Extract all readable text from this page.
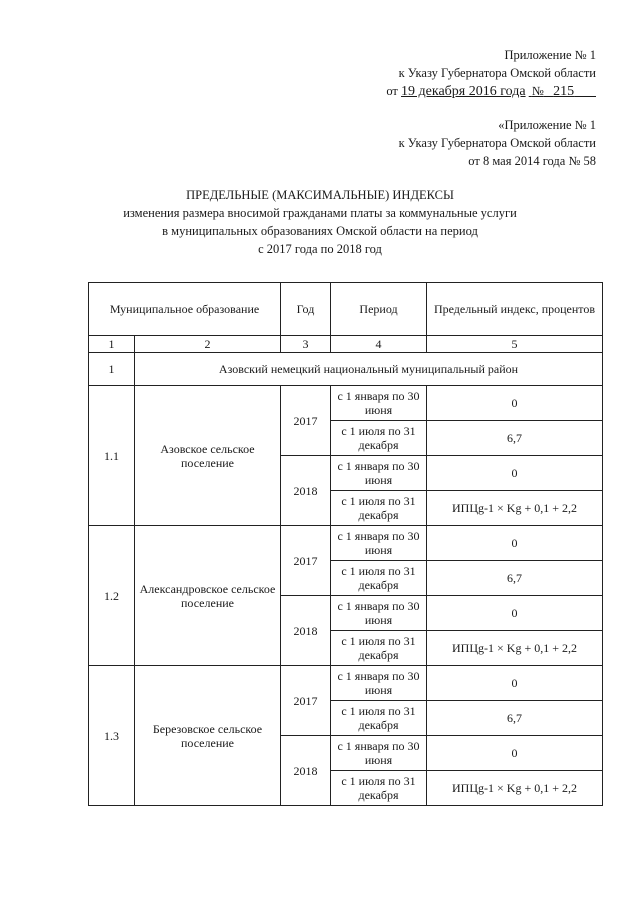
Приложение № 1
к Указу Губернатора Омской области
от 19 декабря 2016 года № 215
«Приложение № 1
к Указу Губернатора Омской области
от 8 мая 2014 года № 58
ПРЕДЕЛЬНЫЕ (МАКСИМАЛЬНЫЕ) ИНДЕКСЫ
изменения размера вносимой гражданами платы за коммунальные услуги
в муниципальных образованиях Омской области на период
с 2017 года по 2018 год
Муниципальное образование		Год	Период	Предельный индекс, процентов
1	2	3	4	5
1	Азовский немецкий национальный муниципальный район			
1.1	Азовское сельское поселение	2017	с 1 января по 30 июня	0
			с 1 июля по 31 декабря	6,7
		2018	с 1 января по 30 июня	0
			с 1 июля по 31 декабря	ИПЦg-1 × Kg + 0,1 + 2,2
1.2	Александровское сельское поселение	2017	с 1 января по 30 июня	0
			с 1 июля по 31 декабря	6,7
		2018	с 1 января по 30 июня	0
			с 1 июля по 31 декабря	ИПЦg-1 × Kg + 0,1 + 2,2
1.3	Березовское сельское поселение	2017	с 1 января по 30 июня	0
			с 1 июля по 31 декабря	6,7
		2018	с 1 января по 30 июня	0
			с 1 июля по 31 декабря	ИПЦg-1 × Kg + 0,1 + 2,2
